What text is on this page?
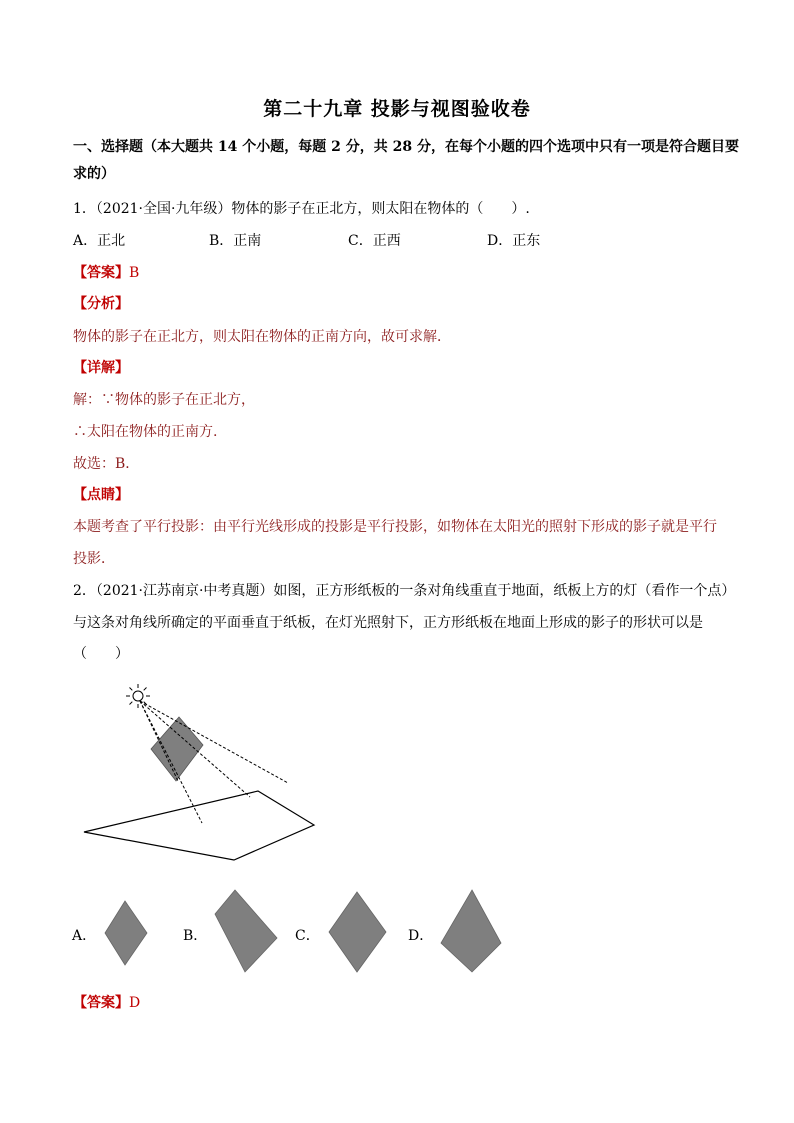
第二十九章 投影与视图验收卷
一、选择题（本大题共 14 个小题，每题 2 分，共 28 分，在每个小题的四个选项中只有一项是符合题目要
求的）
1．（2021·全国·九年级）物体的影子在正北方，则太阳在物体的（　　）.
A．正北	B．正南	C．正西	D．正东
【答案】B
【分析】
物体的影子在正北方，则太阳在物体的正南方向，故可求解．
【详解】
解：∵物体的影子在正北方，
∴太阳在物体的正南方.
故选：B．
【点睛】
本题考查了平行投影：由平行光线形成的投影是平行投影，如物体在太阳光的照射下形成的影子就是平行
投影．
2．（2021·江苏南京·中考真题）如图，正方形纸板的一条对角线重直于地面，纸板上方的灯（看作一个点）
与这条对角线所确定的平面垂直于纸板，在灯光照射下，正方形纸板在地面上形成的影子的形状可以是
（　　）
A．	B．	C．	D．
【答案】D
